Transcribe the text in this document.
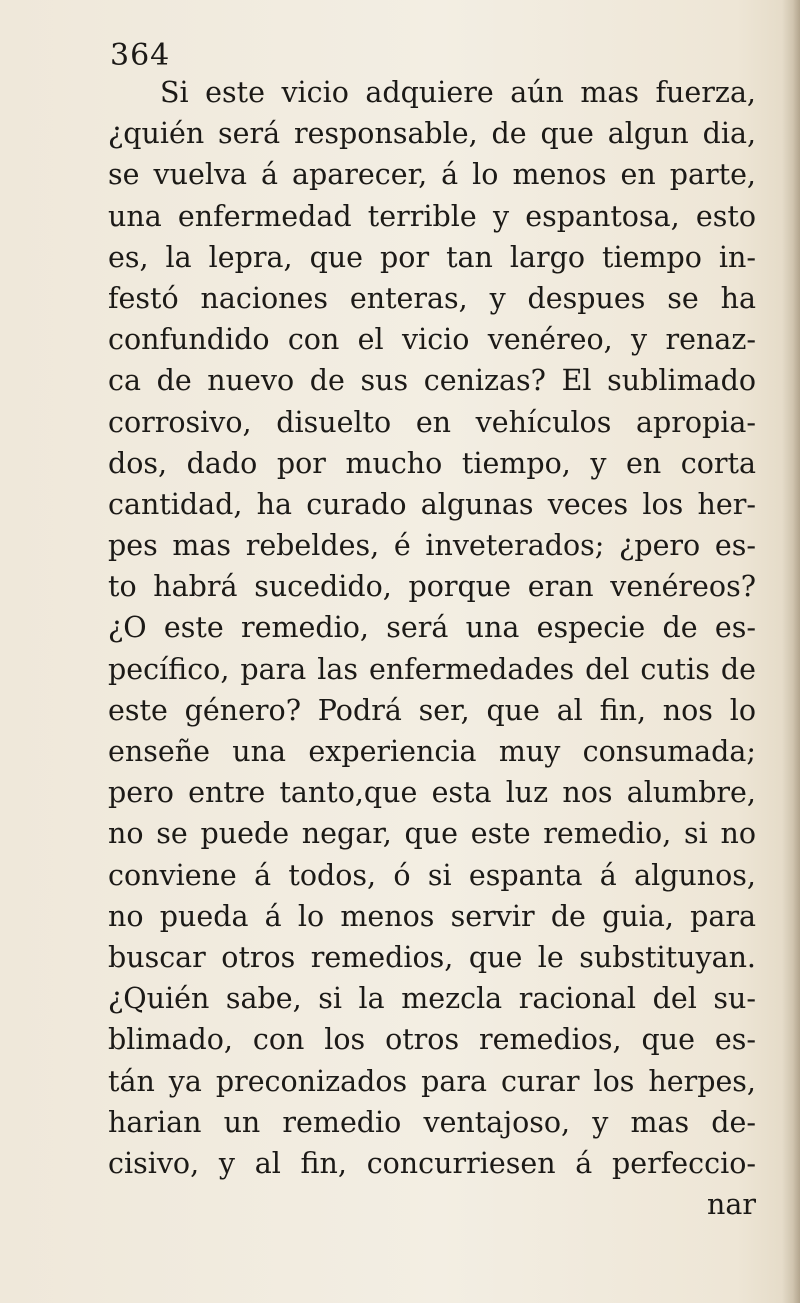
364
Si este vicio adquiere aún mas fuerza,
¿quién será responsable, de que algun dia,
se vuelva á aparecer, á lo menos en parte,
una enfermedad terrible y espantosa, esto
es, la lepra, que por tan largo tiempo in-
festó naciones enteras, y despues se ha
confundido con el vicio venéreo, y renaz-
ca de nuevo de sus cenizas? El sublimado
corrosivo, disuelto en vehículos apropia-
dos, dado por mucho tiempo, y en corta
cantidad, ha curado algunas veces los her-
pes mas rebeldes, é inveterados; ¿pero es-
to habrá sucedido, porque eran venéreos?
¿O este remedio, será una especie de es-
pecífico, para las enfermedades del cutis de
este género? Podrá ser, que al fin, nos lo
enseñe una experiencia muy consumada;
pero entre tanto,que esta luz nos alumbre,
no se puede negar, que este remedio, si no
conviene á todos, ó si espanta á algunos,
no pueda á lo menos servir de guia, para
buscar otros remedios, que le substituyan.
¿Quién sabe, si la mezcla racional del su-
blimado, con los otros remedios, que es-
tán ya preconizados para curar los herpes,
harian un remedio ventajoso, y mas de-
cisivo, y al fin, concurriesen á perfeccio-
nar
